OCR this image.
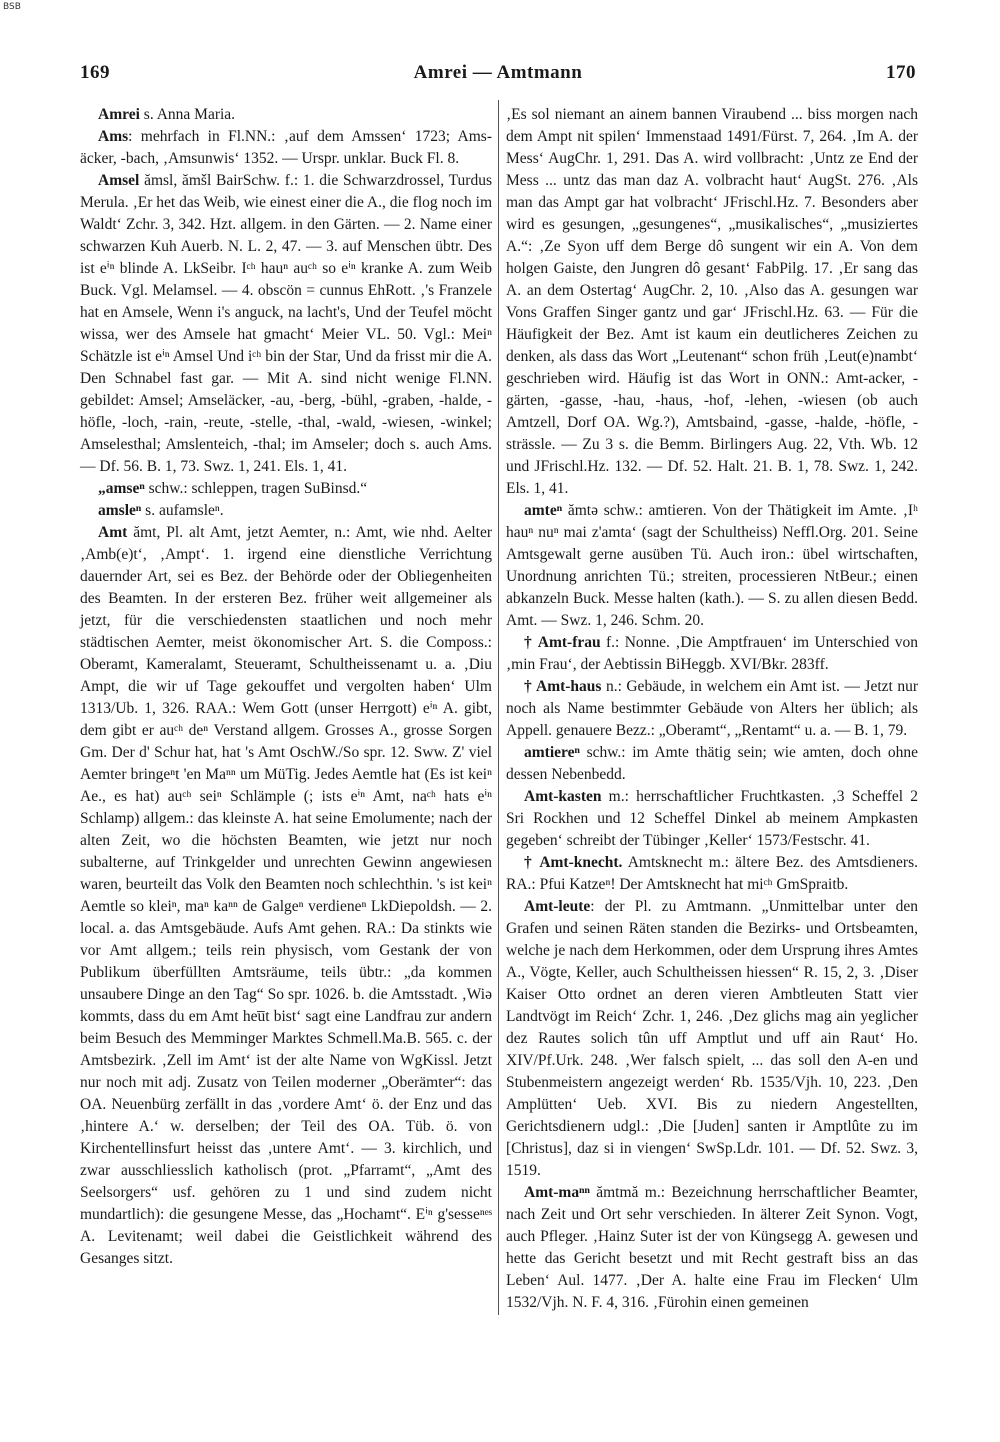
BSB
169	Amrei — Amtmann	170

Amrei s. Anna Maria.

Ams: mehrfach in Fl.NN.: ‚auf dem Amssen‘ 1723; Ams-äcker, -bach, ‚Amsunwis‘ 1352. — Urspr. unklar. Buck Fl. 8.

Amsel ămsl, ămšl BairSchw. f.: 1. die Schwarzdrossel, Turdus Merula. ‚Er het das Weib, wie einest einer die A., die flog noch im Waldt‘ Zchr. 3, 342. Hzt. allgem. in den Gärten. — 2. Name einer schwarzen Kuh Auerb. N. L. 2, 47. — 3. auf Menschen übtr. Des ist eⁱⁿ blinde A. LkSeibr. Iᶜʰ hauⁿ auᶜʰ so eⁱⁿ kranke A. zum Weib Buck. Vgl. Melamsel. — 4. obscön = cunnus EhRott. ‚'s Franzele hat en Amsele, Wenn i's anguck, na lacht's, Und der Teufel möcht wissa, wer des Amsele hat gmacht‘ Meier VL. 50. Vgl.: Meiⁿ Schätzle ist eⁱⁿ Amsel Und iᶜʰ bin der Star, Und da frisst mir die A. Den Schnabel fast gar. — Mit A. sind nicht wenige Fl.NN. gebildet: Amsel; Amseläcker, -au, -berg, -bühl, -graben, -halde, -höfle, -loch, -rain, -reute, -stelle, -thal, -wald, -wiesen, -winkel; Amselesthal; Amslenteich, -thal; im Amseler; doch s. auch Ams. — Df. 56. B. 1, 73. Swz. 1, 241. Els. 1, 41.

„amseⁿ schw.: schleppen, tragen SuBinsd.“

amsleⁿ s. aufamsleⁿ.

Amt ămt, Pl. alt Amt, jetzt Aemter, n.: Amt, wie nhd. Aelter ‚Amb(e)t‘, ‚Ampt‘. 1. irgend eine dienstliche Verrichtung dauernder Art, sei es Bez. der Behörde oder der Obliegenheiten des Beamten. In der ersteren Bez. früher weit allgemeiner als jetzt, für die verschiedensten staatlichen und noch mehr städtischen Aemter, meist ökonomischer Art. S. die Composs.: Oberamt, Kameralamt, Steueramt, Schultheissenamt u. a. ‚Diu Ampt, die wir uf Tage gekouffet und vergolten haben‘ Ulm 1313/Ub. 1, 326. RAA.: Wem Gott (unser Herrgott) eⁱⁿ A. gibt, dem gibt er auᶜʰ deⁿ Verstand allgem. Grosses A., grosse Sorgen Gm. Der d' Schur hat, hat 's Amt OschW./So spr. 12. Sww. Z' viel Aemter bringeⁿt 'en Maⁿⁿ um MüTig. Jedes Aemtle hat (Es ist keiⁿ Ae., es hat) auᶜʰ seiⁿ Schlämple (; ists eⁱⁿ Amt, naᶜʰ hats eⁱⁿ Schlamp) allgem.: das kleinste A. hat seine Emolumente; nach der alten Zeit, wo die höchsten Beamten, wie jetzt nur noch subalterne, auf Trinkgelder und unrechten Gewinn angewiesen waren, beurteilt das Volk den Beamten noch schlechthin. 's ist keiⁿ Aemtle so kleiⁿ, maⁿ kaⁿⁿ de Galgeⁿ verdieneⁿ LkDiepoldsh. — 2. local. a. das Amtsgebäude. Aufs Amt gehen. RA.: Da stinkts wie vor Amt allgem.; teils rein physisch, vom Gestank der von Publikum überfüllten Amtsräume, teils übtr.: „da kommen unsaubere Dinge an den Tag“ So spr. 1026. b. die Amtsstadt. ‚Wiə kommts, dass du em Amt heu̅t bist‘ sagt eine Landfrau zur andern beim Besuch des Memminger Marktes Schmell.Ma.B. 565. c. der Amtsbezirk. ‚Zell im Amt‘ ist der alte Name von WgKissl. Jetzt nur noch mit adj. Zusatz von Teilen moderner „Oberämter“: das OA. Neuenbürg zerfällt in das ‚vordere Amt‘ ö. der Enz und das ‚hintere A.‘ w. derselben; der Teil des OA. Tüb. ö. von Kirchentellinsfurt heisst das ‚untere Amt‘. — 3. kirchlich, und zwar ausschliesslich katholisch (prot. „Pfarramt“, „Amt des Seelsorgers“ usf. gehören zu 1 und sind zudem nicht mundartlich): die gesungene Messe, das „Hochamt“. Eⁱⁿ g'sesseⁿᵉˢ A. Levitenamt; weil dabei die Geistlichkeit während des Gesanges sitzt.

‚Es sol niemant an ainem bannen Viraubend ... biss morgen nach dem Ampt nit spilen‘ Immenstaad 1491/Fürst. 7, 264. ‚Im A. der Mess‘ AugChr. 1, 291. Das A. wird vollbracht: ‚Untz ze End der Mess ... untz das man daz A. volbracht haut‘ AugSt. 276. ‚Als man das Ampt gar hat volbracht‘ JFrischl.Hz. 7. Besonders aber wird es gesungen, „gesungenes“, „musikalisches“, „musiziertes A.“: ‚Ze Syon uff dem Berge dô sungent wir ein A. Von dem holgen Gaiste, den Jungren dô gesant‘ FabPilg. 17. ‚Er sang das A. an dem Ostertag‘ AugChr. 2, 10. ‚Also das A. gesungen war Vons Graffen Singer gantz und gar‘ JFrischl.Hz. 63. — Für die Häufigkeit der Bez. Amt ist kaum ein deutlicheres Zeichen zu denken, als dass das Wort „Leutenant“ schon früh ‚Leut(e)nambt‘ geschrieben wird. Häufig ist das Wort in ONN.: Amt-acker, -gärten, -gasse, -hau, -haus, -hof, -lehen, -wiesen (ob auch Amtzell, Dorf OA. Wg.?), Amtsbaind, -gasse, -halde, -höfle, -strässle. — Zu 3 s. die Bemm. Birlingers Aug. 22, Vth. Wb. 12 und JFrischl.Hz. 132. — Df. 52. Halt. 21. B. 1, 78. Swz. 1, 242. Els. 1, 41.

amteⁿ ămtə schw.: amtieren. Von der Thätigkeit im Amte. ‚Iʰ hauⁿ nuⁿ mai z'amta‘ (sagt der Schultheiss) Neffl.Org. 201. Seine Amtsgewalt gerne ausüben Tü. Auch iron.: übel wirtschaften, Unordnung anrichten Tü.; streiten, processieren NtBeur.; einen abkanzeln Buck. Messe halten (kath.). — S. zu allen diesen Bedd. Amt. — Swz. 1, 246. Schm. 20.

† Amt-frau f.: Nonne. ‚Die Amptfrauen‘ im Unterschied von ‚min Frau‘, der Aebtissin BiHeggb. XVI/Bkr. 283ff.

† Amt-haus n.: Gebäude, in welchem ein Amt ist. — Jetzt nur noch als Name bestimmter Gebäude von Alters her üblich; als Appell. genauere Bezz.: „Oberamt“, „Rentamt“ u. a. — B. 1, 79.

amtiereⁿ schw.: im Amte thätig sein; wie amten, doch ohne dessen Nebenbedd.

Amt-kasten m.: herrschaftlicher Fruchtkasten. ‚3 Scheffel 2 Sri Rockhen und 12 Scheffel Dinkel ab meinem Ampkasten gegeben‘ schreibt der Tübinger ‚Keller‘ 1573/Festschr. 41.

† Amt-knecht. Amtsknecht m.: ältere Bez. des Amtsdieners. RA.: Pfui Katzeⁿ! Der Amtsknecht hat miᶜʰ GmSpraitb.

Amt-leute: der Pl. zu Amtmann. „Unmittelbar unter den Grafen und seinen Räten standen die Bezirks- und Ortsbeamten, welche je nach dem Herkommen, oder dem Ursprung ihres Amtes A., Vögte, Keller, auch Schultheissen hiessen“ R. 15, 2, 3. ‚Diser Kaiser Otto ordnet an deren vieren Ambtleuten Statt vier Landtvögt im Reich‘ Zchr. 1, 246. ‚Dez glichs mag ain yeglicher dez Rautes solich tûn uff Amptlut und uff ain Raut‘ Ho. XIV/Pf.Urk. 248. ‚Wer falsch spielt, ... das soll den A-en und Stubenmeistern angezeigt werden‘ Rb. 1535/Vjh. 10, 223. ‚Den Amplütten‘ Ueb. XVI. Bis zu niedern Angestellten, Gerichtsdienern udgl.: ‚Die [Juden] santen ir Amptlûte zu im [Christus], daz si in viengen‘ SwSp.Ldr. 101. — Df. 52. Swz. 3, 1519.

Amt-maⁿⁿ ămtmă m.: Bezeichnung herrschaftlicher Beamter, nach Zeit und Ort sehr verschieden. In älterer Zeit Synon. Vogt, auch Pfleger. ‚Hainz Suter ist der von Küngsegg A. gewesen und hette das Gericht besetzt und mit Recht gestraft biss an das Leben‘ Aul. 1477. ‚Der A. halte eine Frau im Flecken‘ Ulm 1532/Vjh. N. F. 4, 316. ‚Fürohin einen gemeinen
